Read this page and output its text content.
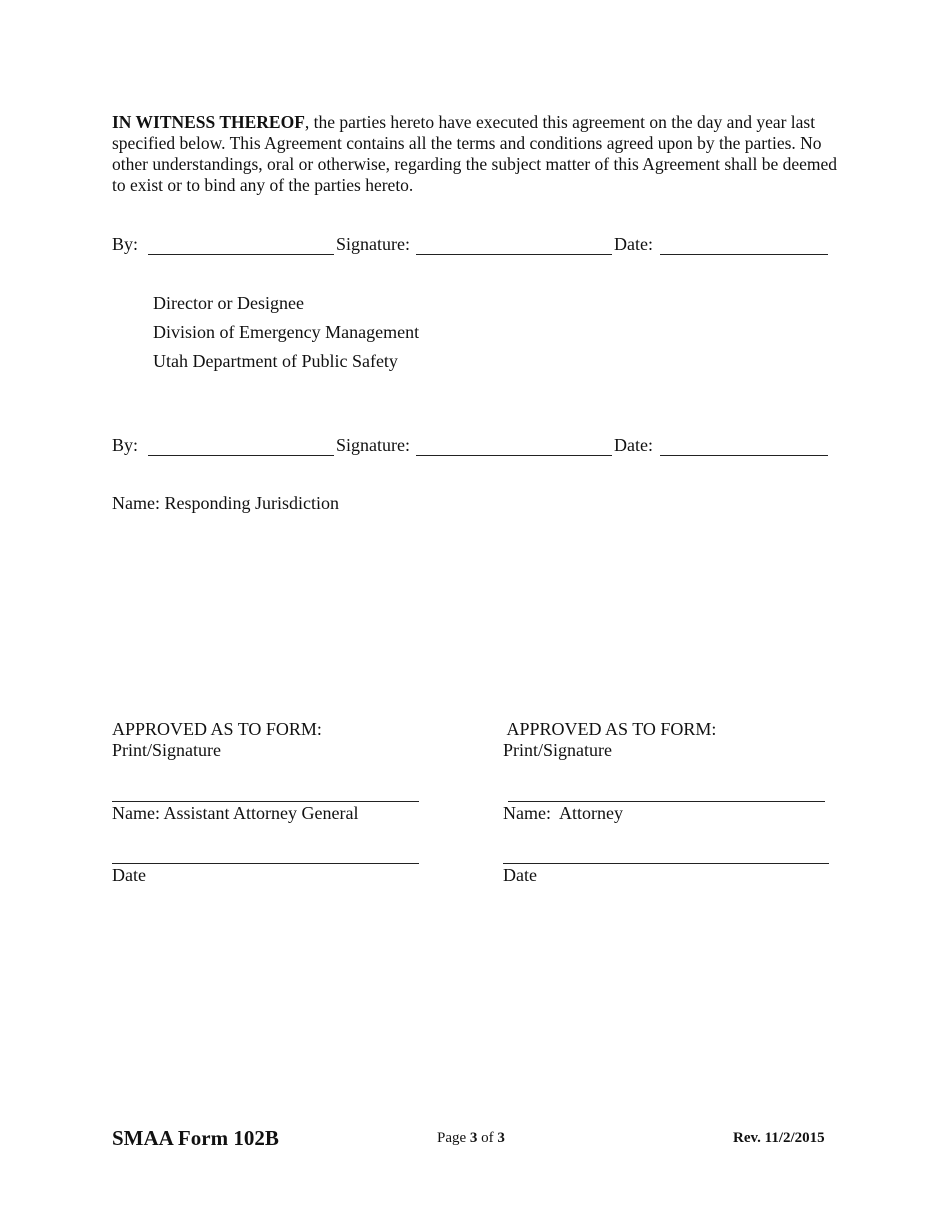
IN WITNESS THEREOF, the parties hereto have executed this agreement on the day and year last specified below. This Agreement contains all the terms and conditions agreed upon by the parties. No other understandings, oral or otherwise, regarding the subject matter of this Agreement shall be deemed to exist or to bind any of the parties hereto.
By:	Signature:	Date:
Director or Designee
Division of Emergency Management
Utah Department of Public Safety
By:	Signature:	Date:
Name: Responding Jurisdiction
APPROVED AS TO FORM:
Print/Signature
Name: Assistant Attorney General
Date
APPROVED AS TO FORM:
Print/Signature
Name:  Attorney
Date
SMAA Form 102B	Page 3 of 3	Rev. 11/2/2015
